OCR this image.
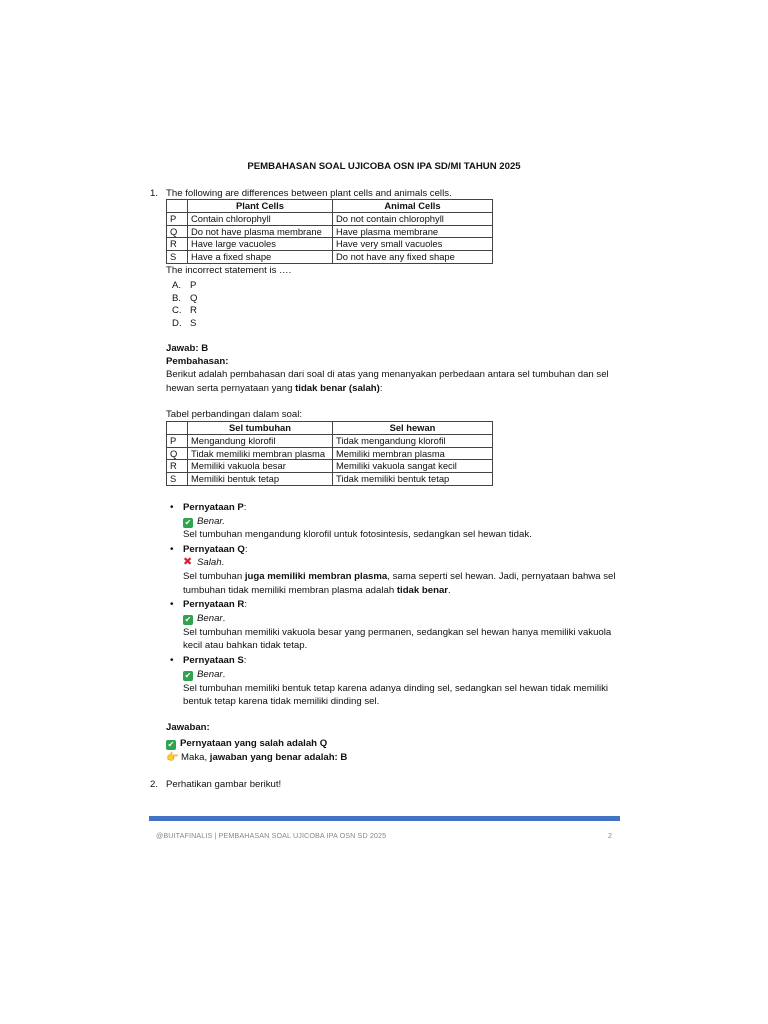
PEMBAHASAN SOAL UJICOBA OSN IPA SD/MI TAHUN 2025
1. The following are differences between plant cells and animals cells.
	Plant Cells	Animal Cells
P	Contain chlorophyll	Do not contain chlorophyll
Q	Do not have plasma membrane	Have plasma membrane
R	Have large vacuoles	Have very small vacuoles
S	Have a fixed shape	Do not have any fixed shape
The incorrect statement is ….
A. P
B. Q
C. R
D. S
Jawab: B
Pembahasan:
Berikut adalah pembahasan dari soal di atas yang menanyakan perbedaan antara sel tumbuhan dan sel
hewan serta pernyataan yang tidak benar (salah):
Tabel perbandingan dalam soal:
	Sel tumbuhan	Sel hewan
P	Mengandung klorofil	Tidak mengandung klorofil
Q	Tidak memiliki membran plasma	Memiliki membran plasma
R	Memiliki vakuola besar	Memiliki vakuola sangat kecil
S	Memiliki bentuk tetap	Tidak memiliki bentuk tetap
• Pernyataan P:
✔ Benar.
Sel tumbuhan mengandung klorofil untuk fotosintesis, sedangkan sel hewan tidak.
• Pernyataan Q:
✖ Salah.
Sel tumbuhan juga memiliki membran plasma, sama seperti sel hewan. Jadi, pernyataan bahwa sel
tumbuhan tidak memiliki membran plasma adalah tidak benar.
• Pernyataan R:
✔ Benar.
Sel tumbuhan memiliki vakuola besar yang permanen, sedangkan sel hewan hanya memiliki vakuola
kecil atau bahkan tidak tetap.
• Pernyataan S:
✔ Benar.
Sel tumbuhan memiliki bentuk tetap karena adanya dinding sel, sedangkan sel hewan tidak memiliki
bentuk tetap karena tidak memiliki dinding sel.
Jawaban:
✔ Pernyataan yang salah adalah Q
👉 Maka, jawaban yang benar adalah: B
2. Perhatikan gambar berikut!
@BUITAFINALIS | PEMBAHASAN SOAL UJICOBA IPA OSN SD 2025	2
